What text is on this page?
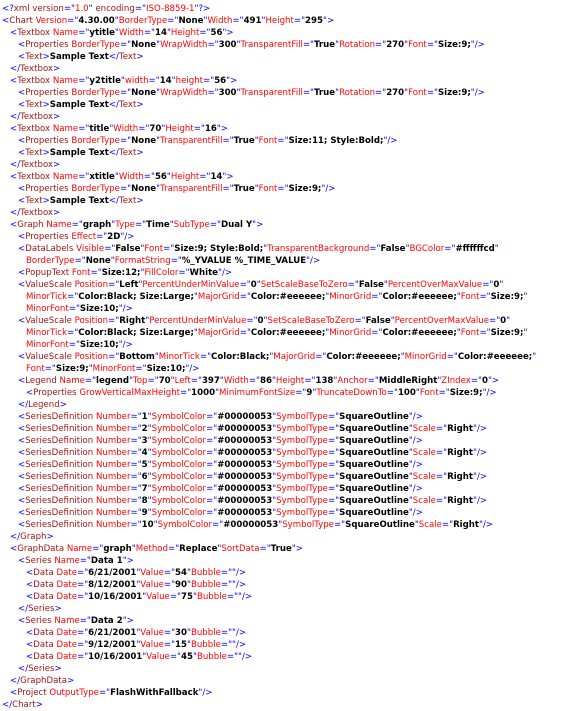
<?xml version="1.0" encoding="ISO-8859-1"?>
<Chart Version="4.30.00"BorderType="None"Width="491"Height="295">
<Textbox Name="ytitle"Width="14"Height="56">
<Properties BorderType="None"WrapWidth="300"TransparentFill="True"Rotation="270"Font="Size:9;"/>
<Text>Sample Text</Text>
</Textbox>
<Textbox Name="y2title"width="14"height="56">
<Properties BorderType="None"WrapWidth="300"TransparentFill="True"Rotation="270"Font="Size:9;"/>
<Text>Sample Text</Text>
</Textbox>
<Textbox Name="title"Width="70"Height="16">
<Properties BorderType="None"TransparentFill="True"Font="Size:11; Style:Bold;"/>
<Text>Sample Text</Text>
</Textbox>
<Textbox Name="xtitle"Width="56"Height="14">
<Properties BorderType="None"TransparentFill="True"Font="Size:9;"/>
<Text>Sample Text</Text>
</Textbox>
<Graph Name="graph"Type="Time"SubType="Dual Y">
<Properties Effect="2D"/>
<DataLabels Visible="False"Font="Size:9; Style:Bold;"TransparentBackground="False"BGColor="#ffffffcd"
BorderType="None"FormatString="%_YVALUE %_TIME_VALUE"/>
<PopupText Font="Size:12;"FillColor="White"/>
<ValueScale Position="Left"PercentUnderMinValue="0"SetScaleBaseToZero="False"PercentOverMaxValue="0"
MinorTick="Color:Black; Size:Large;"MajorGrid="Color:#eeeeee;"MinorGrid="Color:#eeeeee;"Font="Size:9;"
MinorFont="Size:10;"/>
<ValueScale Position="Right"PercentUnderMinValue="0"SetScaleBaseToZero="False"PercentOverMaxValue="0"
MinorTick="Color:Black; Size:Large;"MajorGrid="Color:#eeeeee;"MinorGrid="Color:#eeeeee;"Font="Size:9;"
MinorFont="Size:10;"/>
<ValueScale Position="Bottom"MinorTick="Color:Black;"MajorGrid="Color:#eeeeee;"MinorGrid="Color:#eeeeee;"
Font="Size:9;"MinorFont="Size:10;"/>
<Legend Name="legend"Top="70"Left="397"Width="86"Height="138"Anchor="MiddleRight"ZIndex="0">
<Properties GrowVerticalMaxHeight="1000"MinimumFontSize="9"TruncateDownTo="100"Font="Size:9;"/>
</Legend>
<SeriesDefinition Number="1"SymbolColor="#00000053"SymbolType="SquareOutline"/>
<SeriesDefinition Number="2"SymbolColor="#00000053"SymbolType="SquareOutline"Scale="Right"/>
<SeriesDefinition Number="3"SymbolColor="#00000053"SymbolType="SquareOutline"/>
<SeriesDefinition Number="4"SymbolColor="#00000053"SymbolType="SquareOutline"Scale="Right"/>
<SeriesDefinition Number="5"SymbolColor="#00000053"SymbolType="SquareOutline"/>
<SeriesDefinition Number="6"SymbolColor="#00000053"SymbolType="SquareOutline"Scale="Right"/>
<SeriesDefinition Number="7"SymbolColor="#00000053"SymbolType="SquareOutline"/>
<SeriesDefinition Number="8"SymbolColor="#00000053"SymbolType="SquareOutline"Scale="Right"/>
<SeriesDefinition Number="9"SymbolColor="#00000053"SymbolType="SquareOutline"/>
<SeriesDefinition Number="10"SymbolColor="#00000053"SymbolType="SquareOutline"Scale="Right"/>
</Graph>
<GraphData Name="graph"Method="Replace"SortData="True">
<Series Name="Data 1">
<Data Date="6/21/2001"Value="54"Bubble=""/>
<Data Date="8/12/2001"Value="90"Bubble=""/>
<Data Date="10/16/2001"Value="75"Bubble=""/>
</Series>
<Series Name="Data 2">
<Data Date="6/21/2001"Value="30"Bubble=""/>
<Data Date="9/12/2001"Value="15"Bubble=""/>
<Data Date="10/16/2001"Value="45"Bubble=""/>
</Series>
</GraphData>
<Project OutputType="FlashWithFallback"/>
</Chart>
